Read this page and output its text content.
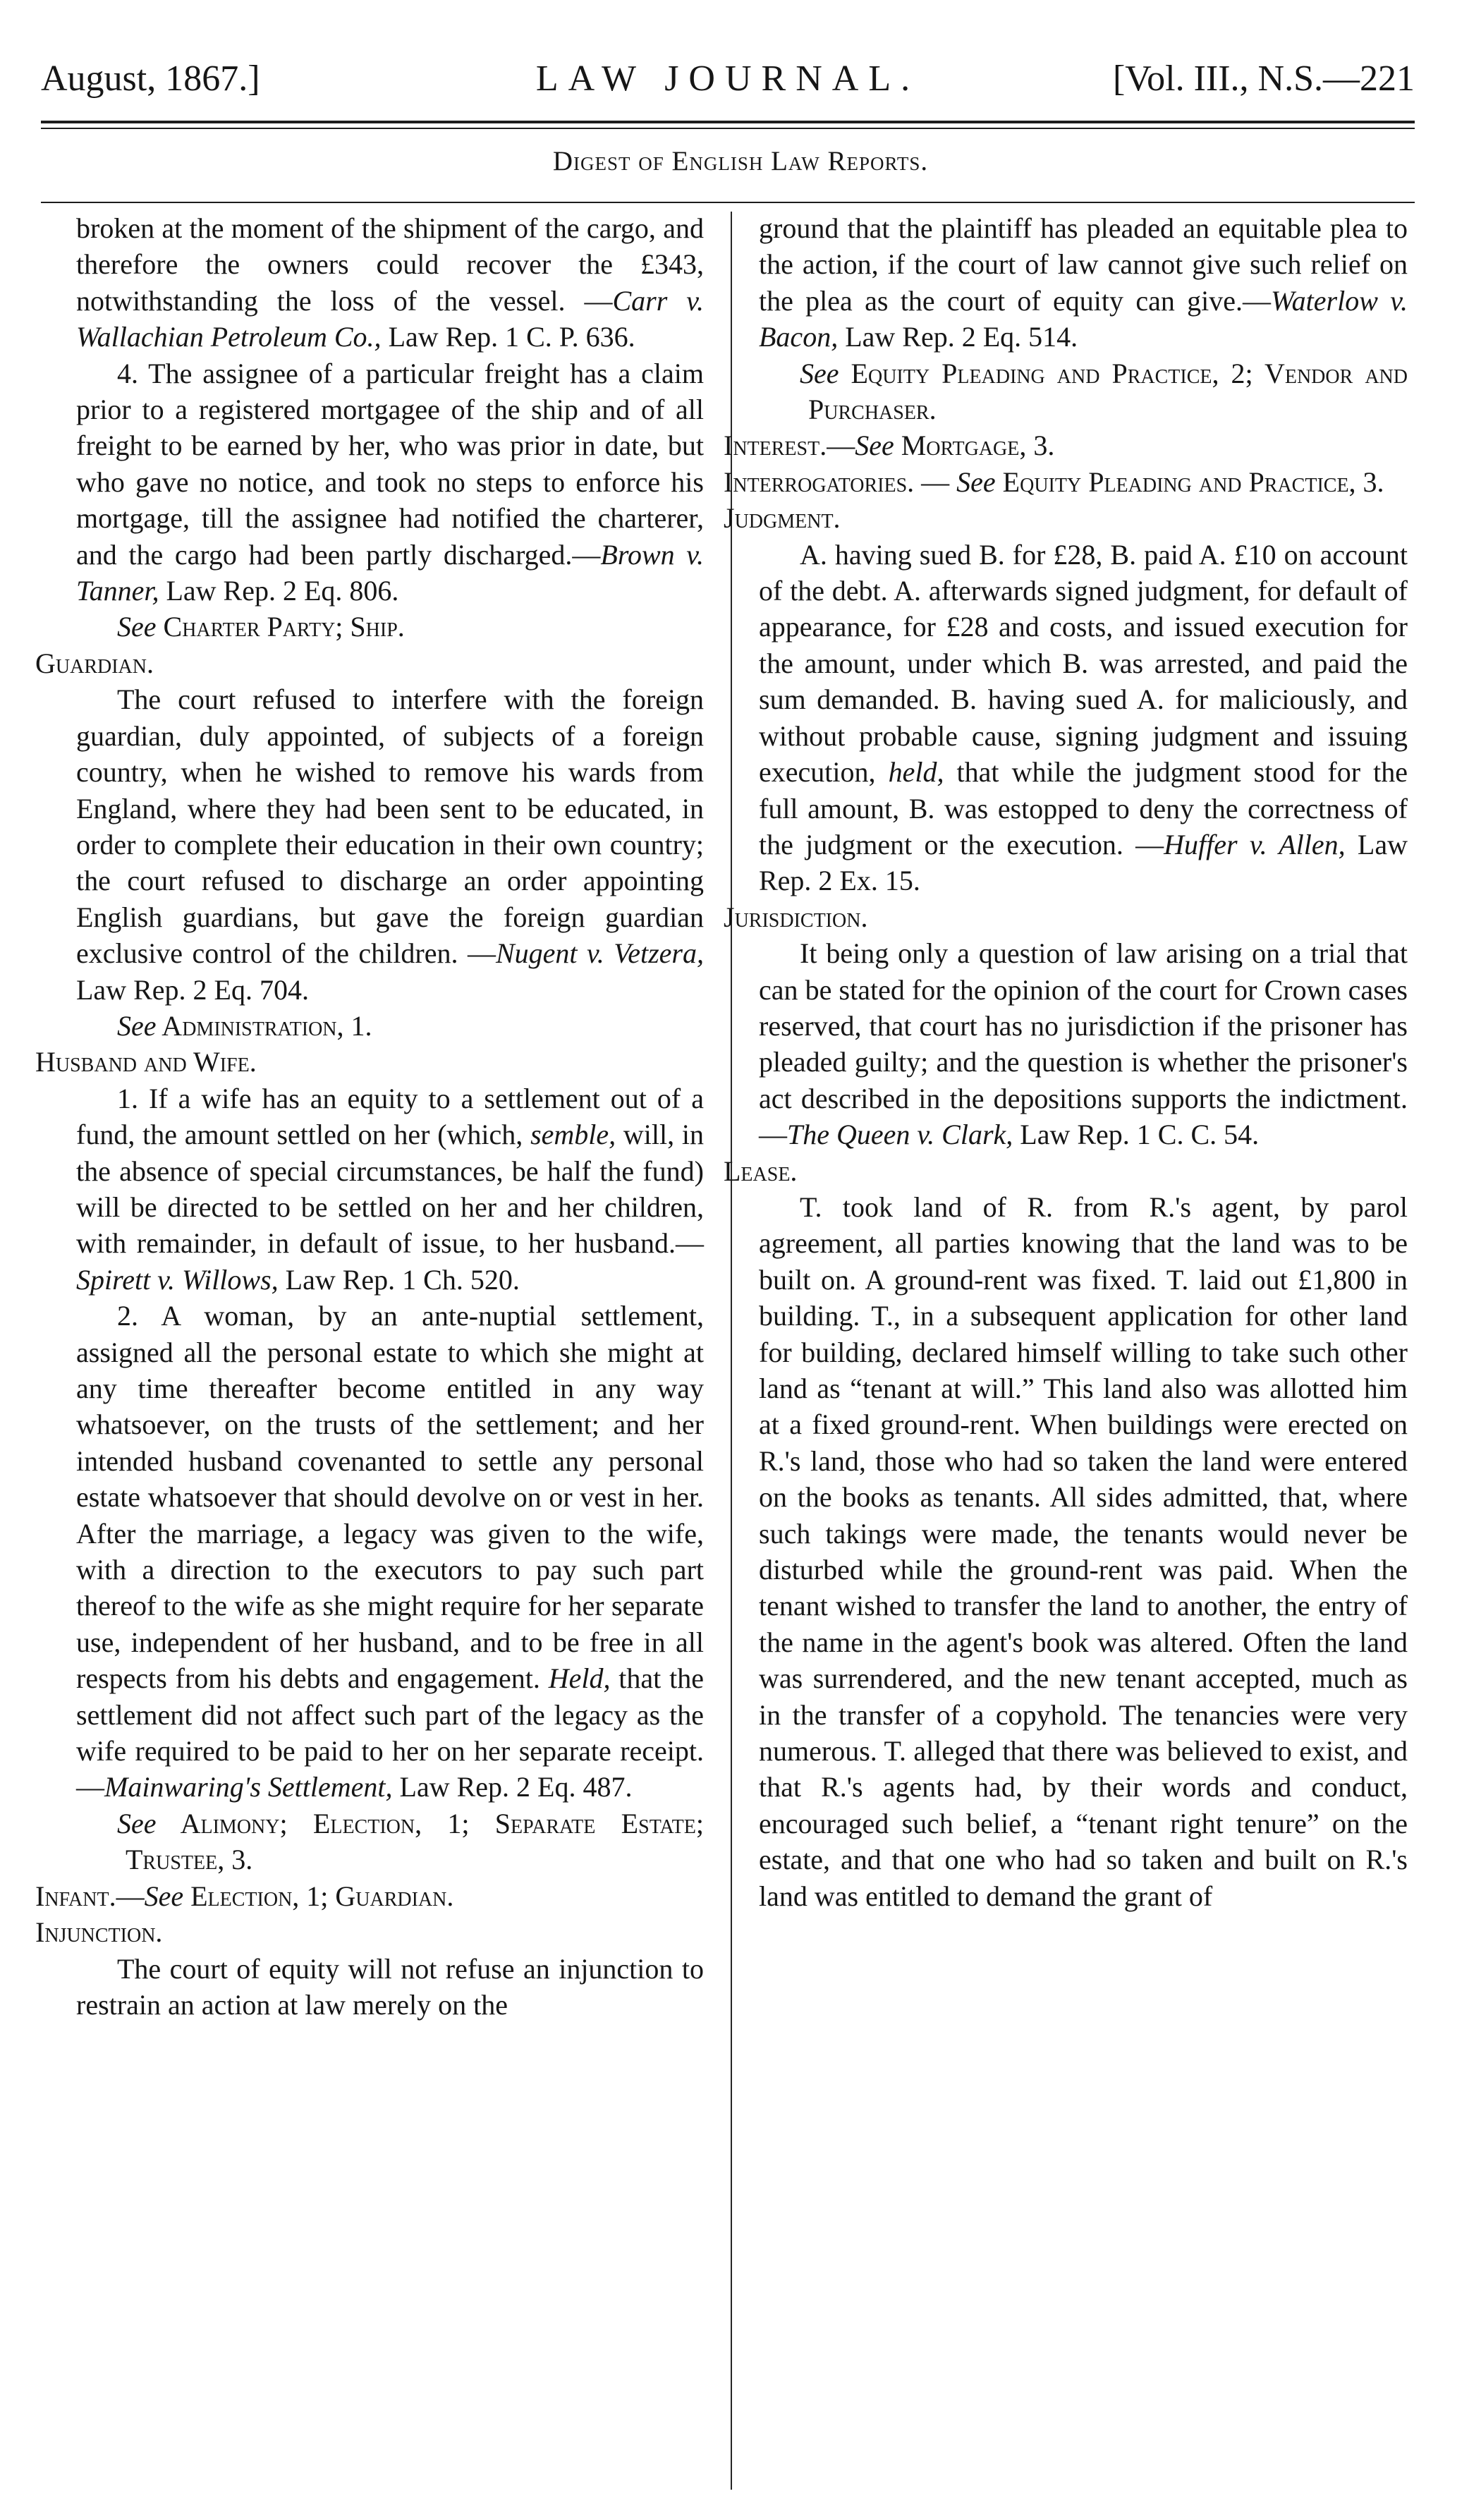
August, 1867.]	LAW JOURNAL.	[Vol. III., N.S.—221
Digest of English Law Reports.

broken at the moment of the shipment of the cargo, and therefore the owners could recover the £343, notwithstanding the loss of the vessel. —Carr v. Wallachian Petroleum Co., Law Rep. 1 C. P. 636.

4. The assignee of a particular freight has a claim prior to a registered mortgagee of the ship and of all freight to be earned by her, who was prior in date, but who gave no notice, and took no steps to enforce his mortgage, till the assignee had notified the charterer, and the cargo had been partly discharged.—Brown v. Tanner, Law Rep. 2 Eq. 806.

See Charter Party; Ship.

Guardian.

The court refused to interfere with the foreign guardian, duly appointed, of subjects of a foreign country, when he wished to remove his wards from England, where they had been sent to be educated, in order to complete their education in their own country; the court refused to discharge an order appointing English guardians, but gave the foreign guardian exclusive control of the children. —Nugent v. Vetzera, Law Rep. 2 Eq. 704.

See Administration, 1.

Husband and Wife.

1. If a wife has an equity to a settlement out of a fund, the amount settled on her (which, semble, will, in the absence of special circumstances, be half the fund) will be directed to be settled on her and her children, with remainder, in default of issue, to her husband.—Spirett v. Willows, Law Rep. 1 Ch. 520.

2. A woman, by an ante-nuptial settlement, assigned all the personal estate to which she might at any time thereafter become entitled in any way whatsoever, on the trusts of the settlement; and her intended husband covenanted to settle any personal estate whatsoever that should devolve on or vest in her. After the marriage, a legacy was given to the wife, with a direction to the executors to pay such part thereof to the wife as she might require for her separate use, independent of her husband, and to be free in all respects from his debts and engagement. Held, that the settlement did not affect such part of the legacy as the wife required to be paid to her on her separate receipt. —Mainwaring's Settlement, Law Rep. 2 Eq. 487.

See Alimony; Election, 1; Separate Estate; Trustee, 3.

Infant.—See Election, 1; Guardian.

Injunction.

The court of equity will not refuse an injunction to restrain an action at law merely on the

ground that the plaintiff has pleaded an equitable plea to the action, if the court of law cannot give such relief on the plea as the court of equity can give.—Waterlow v. Bacon, Law Rep. 2 Eq. 514.

See Equity Pleading and Practice, 2; Vendor and Purchaser.

Interest.—See Mortgage, 3.

Interrogatories. — See Equity Pleading and Practice, 3.

Judgment.

A. having sued B. for £28, B. paid A. £10 on account of the debt. A. afterwards signed judgment, for default of appearance, for £28 and costs, and issued execution for the amount, under which B. was arrested, and paid the sum demanded. B. having sued A. for maliciously, and without probable cause, signing judgment and issuing execution, held, that while the judgment stood for the full amount, B. was estopped to deny the correctness of the judgment or the execution. —Huffer v. Allen, Law Rep. 2 Ex. 15.

Jurisdiction.

It being only a question of law arising on a trial that can be stated for the opinion of the court for Crown cases reserved, that court has no jurisdiction if the prisoner has pleaded guilty; and the question is whether the prisoner's act described in the depositions supports the indictment. —The Queen v. Clark, Law Rep. 1 C. C. 54.

Lease.

T. took land of R. from R.'s agent, by parol agreement, all parties knowing that the land was to be built on. A ground-rent was fixed. T. laid out £1,800 in building. T., in a subsequent application for other land for building, declared himself willing to take such other land as “tenant at will.” This land also was allotted him at a fixed ground-rent. When buildings were erected on R.'s land, those who had so taken the land were entered on the books as tenants. All sides admitted, that, where such takings were made, the tenants would never be disturbed while the ground-rent was paid. When the tenant wished to transfer the land to another, the entry of the name in the agent's book was altered. Often the land was surrendered, and the new tenant accepted, much as in the transfer of a copyhold. The tenancies were very numerous. T. alleged that there was believed to exist, and that R.'s agents had, by their words and conduct, encouraged such belief, a “tenant right tenure” on the estate, and that one who had so taken and built on R.'s land was entitled to demand the grant of
